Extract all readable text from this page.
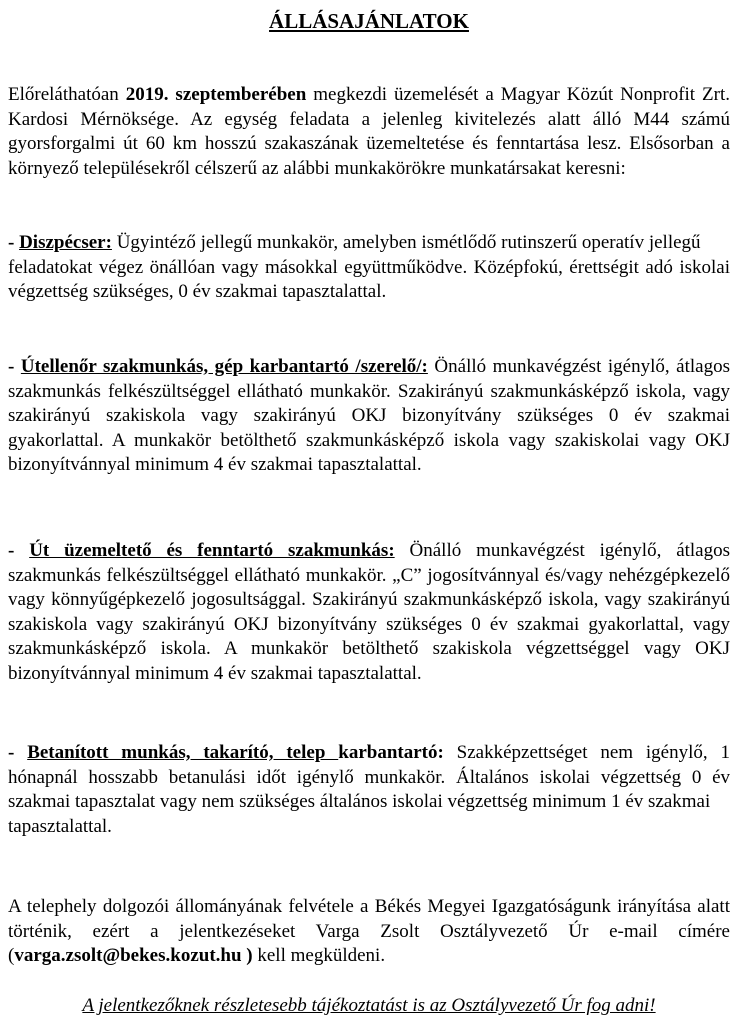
ÁLLÁSAJÁNLATOK

Előreláthatóan 2019. szeptemberében megkezdi üzemelését a Magyar Közút Nonprofit Zrt. Kardosi Mérnöksége. Az egység feladata a jelenleg kivitelezés alatt álló M44 számú gyorsforgalmi út 60 km hosszú szakaszának üzemeltetése és fenntartása lesz. Elsősorban a környező településekről célszerű az alábbi munkakörökre munkatársakat keresni:

- Diszpécser: Ügyintéző jellegű munkakör, amelyben ismétlődő rutinszerű operatív jellegű
feladatokat végez önállóan vagy másokkal együttműködve. Középfokú, érettségit adó iskolai végzettség szükséges, 0 év szakmai tapasztalattal.

- Útellenőr szakmunkás, gép karbantartó /szerelő/: Önálló munkavégzést igénylő, átlagos szakmunkás felkészültséggel ellátható munkakör. Szakirányú szakmunkásképző iskola, vagy szakirányú szakiskola vagy szakirányú OKJ bizonyítvány szükséges 0 év szakmai gyakorlattal. A munkakör betölthető szakmunkásképző iskola vagy szakiskolai vagy OKJ bizonyítvánnyal minimum 4 év szakmai tapasztalattal.

- Út üzemeltető és fenntartó szakmunkás: Önálló munkavégzést igénylő, átlagos szakmunkás felkészültséggel ellátható munkakör. „C” jogosítvánnyal és/vagy nehézgépkezelő vagy könnyűgépkezelő jogosultsággal. Szakirányú szakmunkásképző iskola, vagy szakirányú szakiskola vagy szakirányú OKJ bizonyítvány szükséges 0 év szakmai gyakorlattal, vagy szakmunkásképző iskola. A munkakör betölthető szakiskola végzettséggel vagy OKJ bizonyítvánnyal minimum 4 év szakmai tapasztalattal.

- Betanított munkás, takarító, telep karbantartó: Szakképzettséget nem igénylő, 1 hónapnál hosszabb betanulási időt igénylő munkakör. Általános iskolai végzettség 0 év szakmai tapasztalat vagy nem szükséges általános iskolai végzettség minimum 1 év szakmai
tapasztalattal.

A telephely dolgozói állományának felvétele a Békés Megyei Igazgatóságunk irányítása alatt történik, ezért a jelentkezéseket Varga Zsolt Osztályvezető Úr e-mail címére (varga.zsolt@bekes.kozut.hu ) kell megküldeni.

A jelentkezőknek részletesebb tájékoztatást is az Osztályvezető Úr fog adni!
